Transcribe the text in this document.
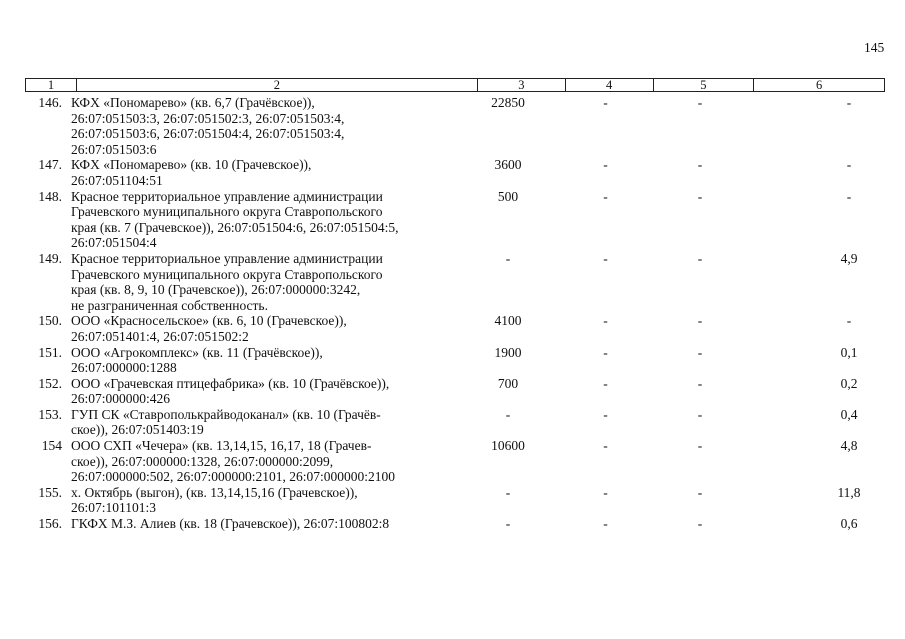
145
1	2	3	4	5	6
146. КФХ «Пономарево» (кв. 6,7 (Грачёвское)),
26:07:051503:3, 26:07:051502:3, 26:07:051503:4,
26:07:051503:6, 26:07:051504:4, 26:07:051503:4,
26:07:051503:6
22850	-	-	-
147. КФХ «Пономарево» (кв. 10 (Грачевское)),
26:07:051104:51
3600	-	-	-
148. Красное территориальное управление администрации
Грачевского муниципального округа Ставропольского
края (кв. 7 (Грачевское)), 26:07:051504:6, 26:07:051504:5,
26:07:051504:4
500	-	-	-
149. Красное территориальное управление администрации
Грачевского муниципального округа Ставропольского
края (кв. 8, 9, 10 (Грачевское)), 26:07:000000:3242,
не разграниченная собственность.
-	-	-	4,9
150. ООО «Красносельское» (кв. 6, 10 (Грачевское)),
26:07:051401:4, 26:07:051502:2
4100	-	-	-
151. ООО «Агрокомплекс» (кв. 11 (Грачёвское)),
26:07:000000:1288
1900	-	-	0,1
152. ООО «Грачевская птицефабрика» (кв. 10 (Грачёвское)),
26:07:000000:426
700	-	-	0,2
153. ГУП СК «Ставрополькрайводоканал» (кв. 10 (Грачёв-
ское)), 26:07:051403:19
-	-	-	0,4
154 ООО СХП «Чечера» (кв. 13,14,15, 16,17, 18 (Грачев-
ское)), 26:07:000000:1328, 26:07:000000:2099,
26:07:000000:502, 26:07:000000:2101, 26:07:000000:2100
10600	-	-	4,8
155. х. Октябрь (выгон), (кв. 13,14,15,16 (Грачевское)),
26:07:101101:3
-	-	-	11,8
156. ГКФХ М.З. Алиев (кв. 18 (Грачевское)), 26:07:100802:8	-	-	-	0,6
